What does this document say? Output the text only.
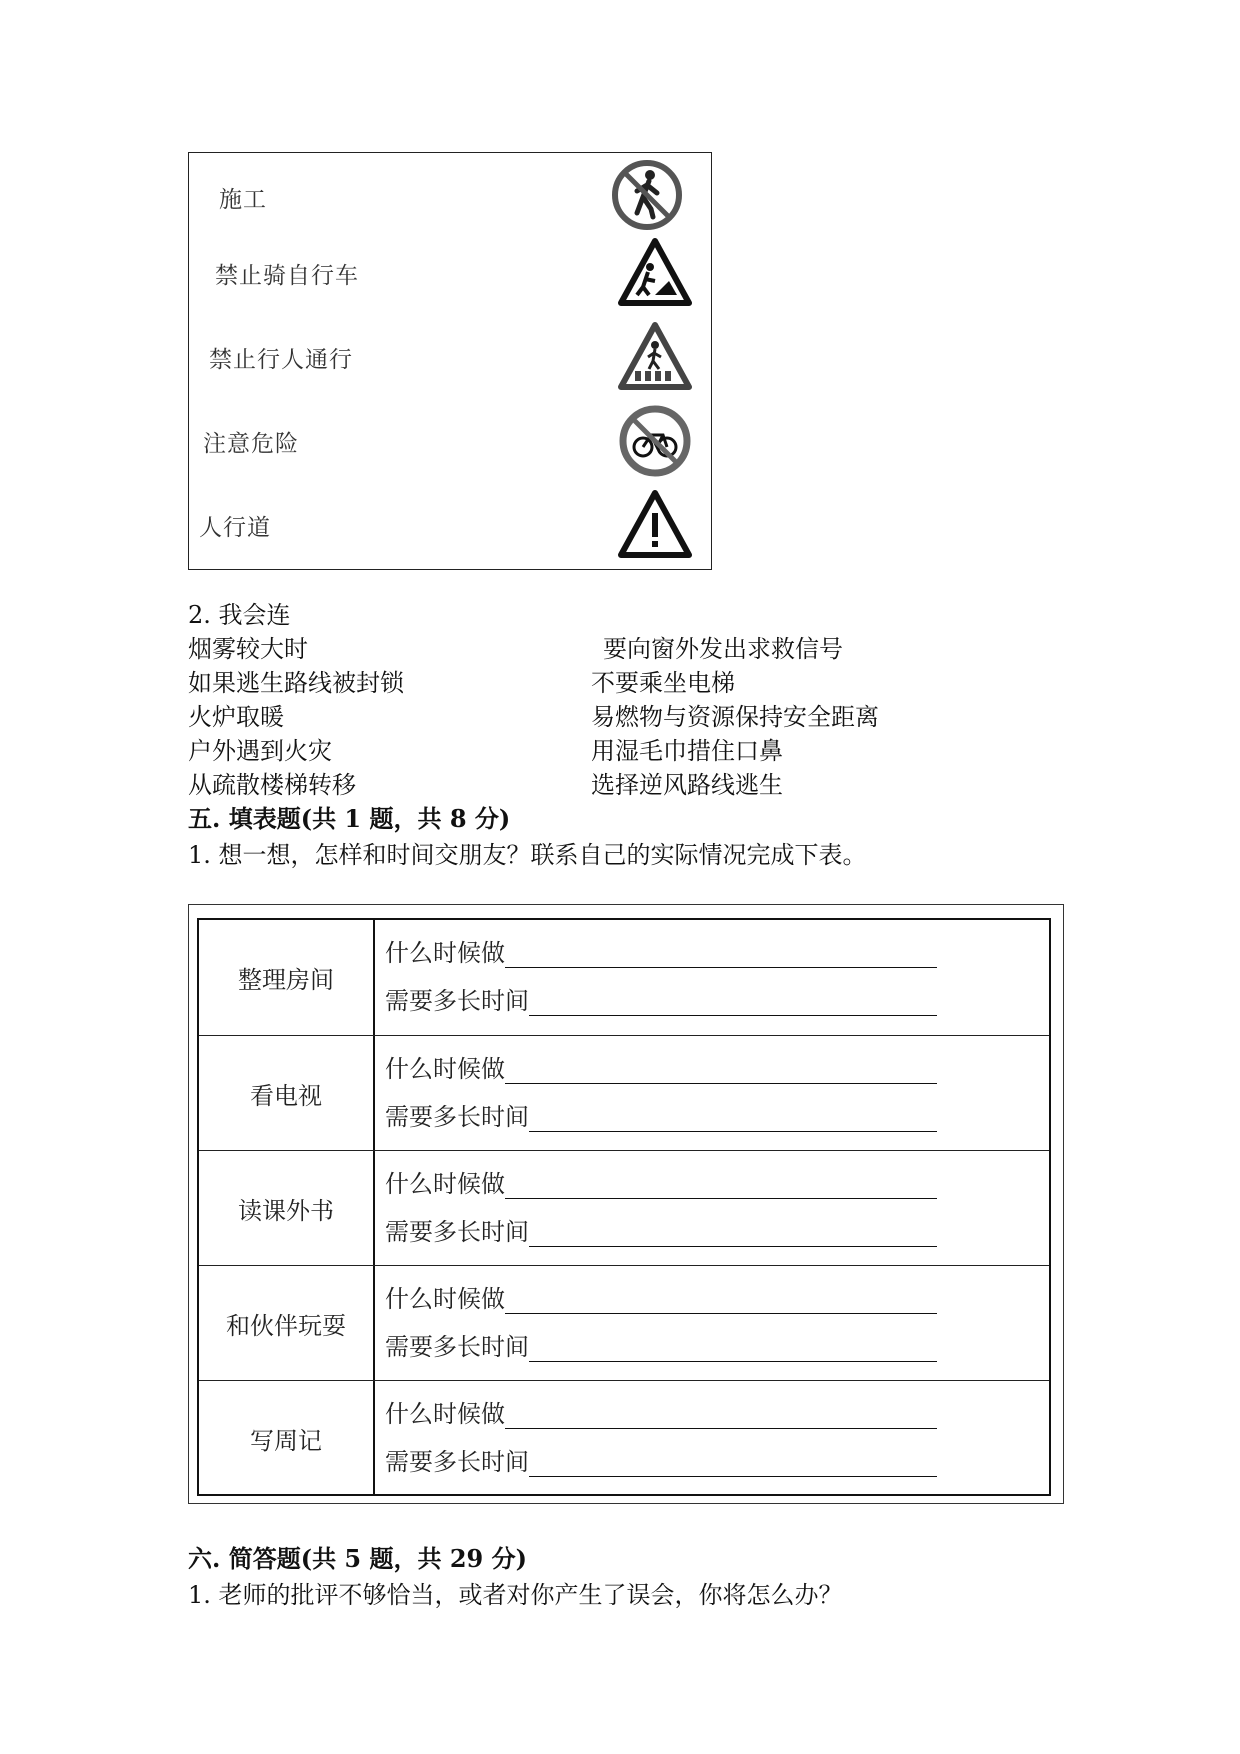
施工
禁止骑自行车
禁止行人通行
注意危险
人行道
2. 我会连
烟雾较大时
如果逃生路线被封锁
火炉取暖
户外遇到火灾
从疏散楼梯转移
要向窗外发出求救信号
不要乘坐电梯
易燃物与资源保持安全距离
用湿毛巾措住口鼻
选择逆风路线逃生
五. 填表题(共 1 题，共 8 分)
1. 想一想，怎样和时间交朋友？联系自己的实际情况完成下表。
整理房间
什么时候做
需要多长时间
看电视
什么时候做
需要多长时间
读课外书
什么时候做
需要多长时间
和伙伴玩耍
什么时候做
需要多长时间
写周记
什么时候做
需要多长时间
六. 简答题(共 5 题，共 29 分)
1. 老师的批评不够恰当，或者对你产生了误会，你将怎么办？
